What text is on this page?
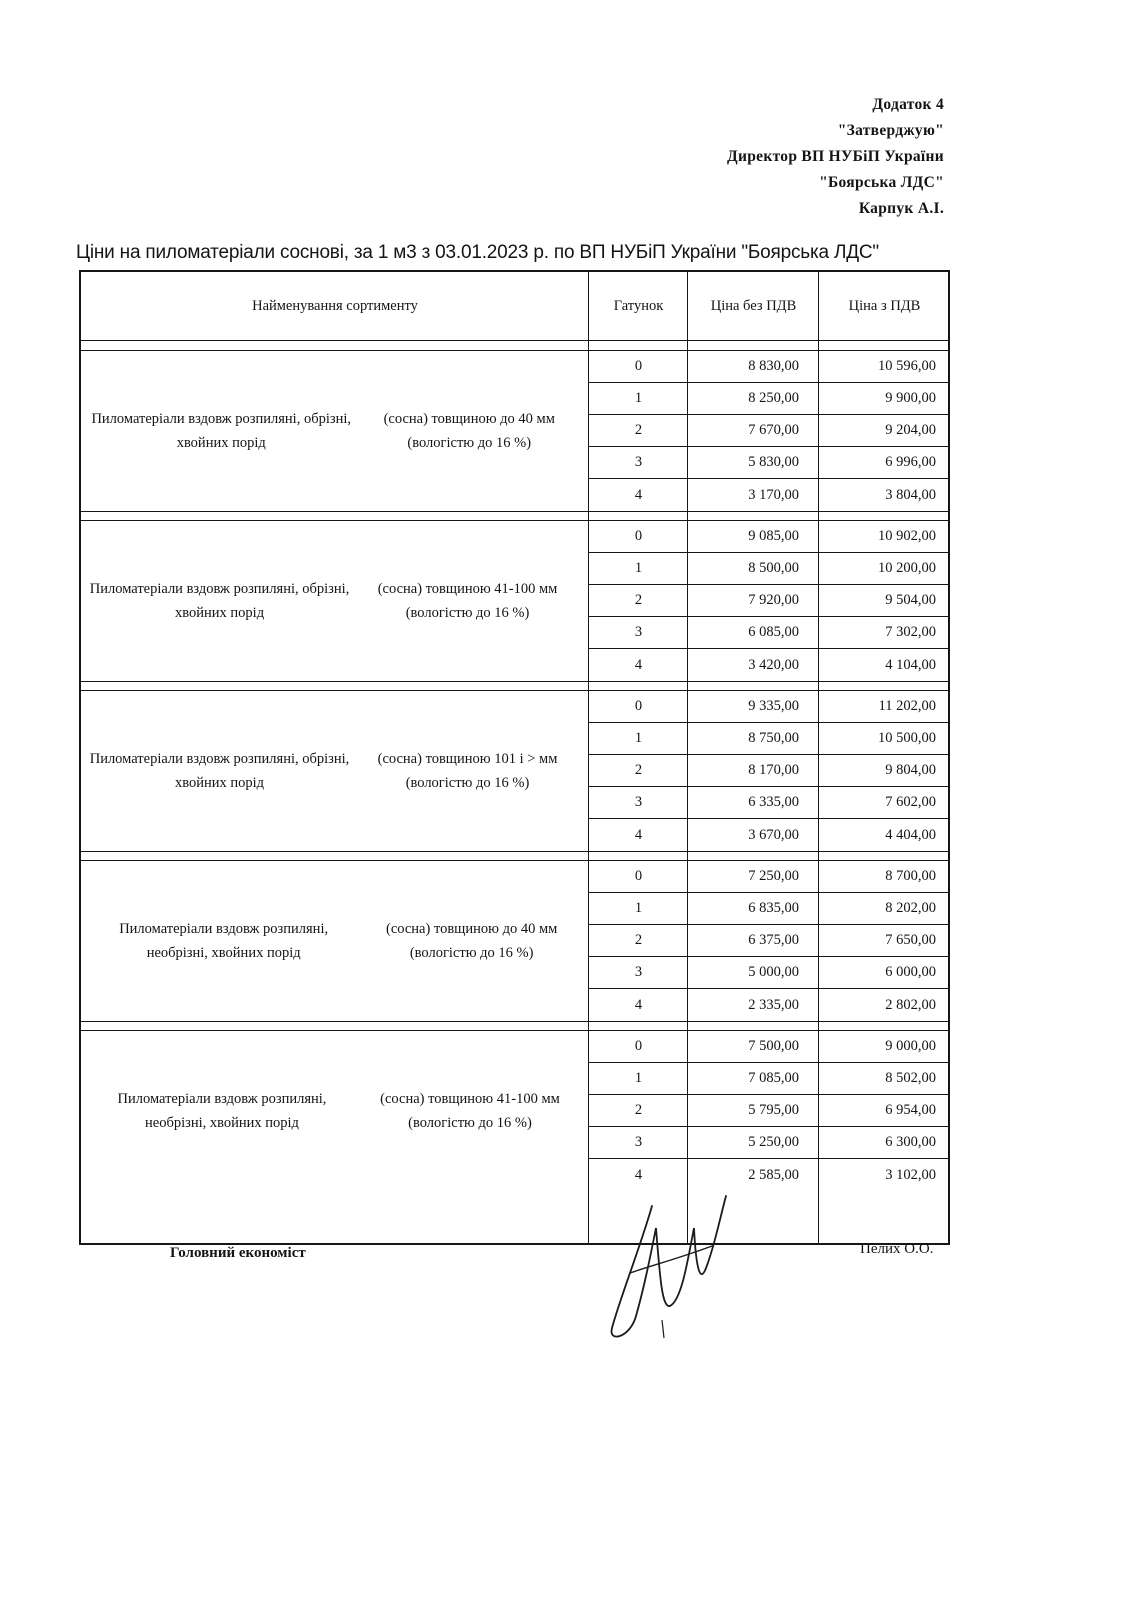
Додаток 4
"Затверджую"
Директор ВП НУБіП України
"Боярська ЛДС"
Карпук А.І.
Ціни на пиломатеріали соснові, за 1 м3 з 03.01.2023 р. по ВП НУБіП України "Боярська ЛДС"
Найменування сортименту	Гатунок	Ціна без ПДВ	Ціна з ПДВ
Пиломатеріали вздовж розпиляні, обрізні, хвойних порід
(сосна) товщиною до 40 мм (вологістю до 16 %)
0	8 830,00	10 596,00
1	8 250,00	9 900,00
2	7 670,00	9 204,00
3	5 830,00	6 996,00
4	3 170,00	3 804,00
Пиломатеріали вздовж розпиляні, обрізні, хвойних порід
(сосна) товщиною 41-100 мм (вологістю до 16 %)
0	9 085,00	10 902,00
1	8 500,00	10 200,00
2	7 920,00	9 504,00
3	6 085,00	7 302,00
4	3 420,00	4 104,00
Пиломатеріали вздовж розпиляні, обрізні, хвойних порід
(сосна) товщиною 101 і > мм (вологістю до 16 %)
0	9 335,00	11 202,00
1	8 750,00	10 500,00
2	8 170,00	9 804,00
3	6 335,00	7 602,00
4	3 670,00	4 404,00
Пиломатеріали вздовж розпиляні, необрізні, хвойних порід
(сосна) товщиною до 40 мм (вологістю до 16 %)
0	7 250,00	8 700,00
1	6 835,00	8 202,00
2	6 375,00	7 650,00
3	5 000,00	6 000,00
4	2 335,00	2 802,00
Пиломатеріали вздовж розпиляні, необрізні, хвойних порід
(сосна) товщиною 41-100 мм (вологістю до 16 %)
0	7 500,00	9 000,00
1	7 085,00	8 502,00
2	5 795,00	6 954,00
3	5 250,00	6 300,00
4	2 585,00	3 102,00
Головний економіст	Пелих О.О.
